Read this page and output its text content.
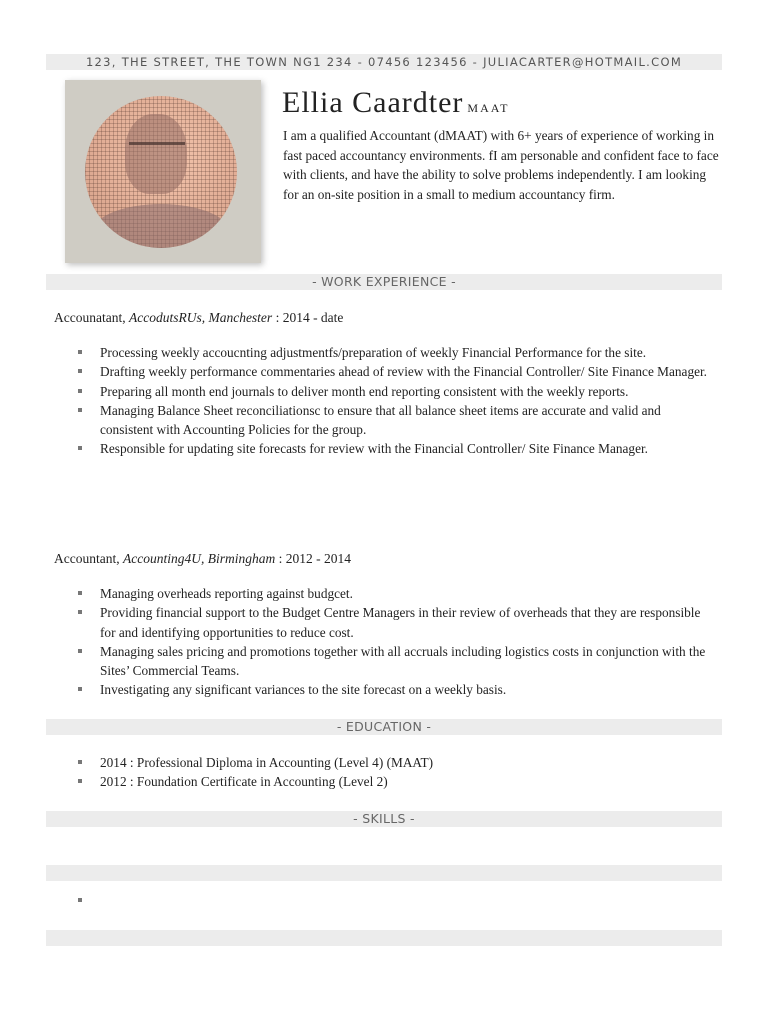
123, THE STREET, THE TOWN NG1 234 - 07456 123456 - JULIACARTER@HOTMAIL.COM
Ellia Caardter MAAT
I am a qualified Accountant (dMAAT) with 6+ years of experience of working in fast paced accountancy environments. fI am personable and confident face to face with clients, and have the ability to solve problems independently. I am looking for an on-site position in a small to medium accountancy firm.
- WORK EXPERIENCE -
Accounatant, AccodutsRUs, Manchester : 2014 - date
Processing weekly accoucnting adjustmentfs/preparation of weekly Financial Performance for the site.
Drafting weekly performance commentaries ahead of review with the Financial Controller/ Site Finance Manager.
Preparing all month end journals to deliver month end reporting consistent with the weekly reports.
Managing Balance Sheet reconciliationsc to ensure that all balance sheet items are accurate and valid and consistent with Accounting Policies for the group.
Responsible for updating site forecasts for review with the Financial Controller/ Site Finance Manager.
Accountant, Accounting4U, Birmingham : 2012 - 2014
Managing overheads reporting against budgcet.
Providing financial support to the Budget Centre Managers in their review of overheads that they are responsible for and identifying opportunities to reduce cost.
Managing sales pricing and promotions together with all accruals including logistics costs in conjunction with the Sites’ Commercial Teams.
Investigating any significant variances to the site forecast on a weekly basis.
- EDUCATION -
2014 : Professional Diploma in Accounting (Level 4) (MAAT)
2012 : Foundation Certificate in Accounting (Level 2)
- SKILLS -
